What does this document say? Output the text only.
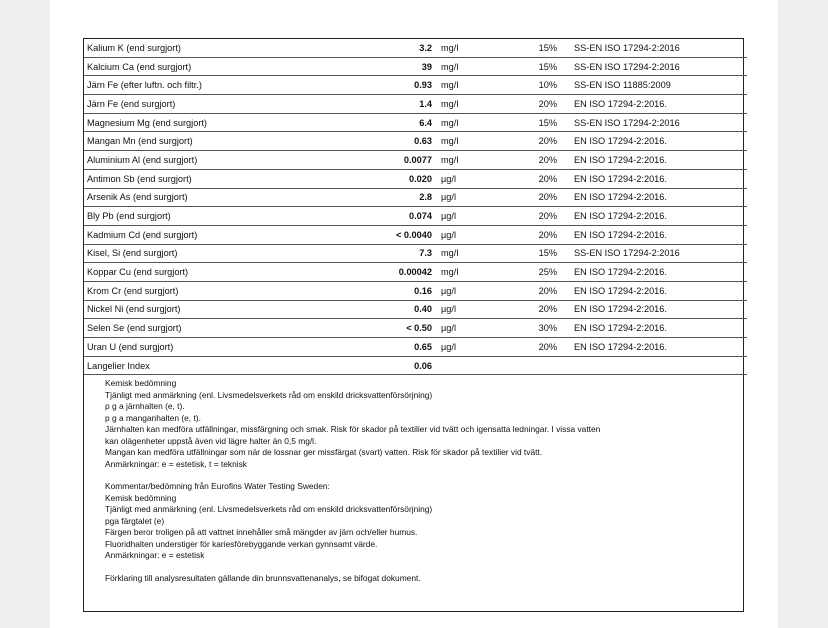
Kalium K (end surgjort)	3.2	mg/l	15%	SS-EN ISO 17294-2:2016	
Kalcium Ca (end surgjort)	39	mg/l	15%	SS-EN ISO 17294-2:2016	
Järn Fe (efter luftn. och filtr.)	0.93	mg/l	10%	SS-EN ISO 11885:2009	
Järn Fe (end surgjort)	1.4	mg/l	20%	EN ISO 17294-2:2016.	
Magnesium Mg (end surgjort)	6.4	mg/l	15%	SS-EN ISO 17294-2:2016	
Mangan Mn (end surgjort)	0.63	mg/l	20%	EN ISO 17294-2:2016.	
Aluminium Al (end surgjort)	0.0077	mg/l	20%	EN ISO 17294-2:2016.	
Antimon Sb (end surgjort)	0.020	µg/l	20%	EN ISO 17294-2:2016.	
Arsenik As (end surgjort)	2.8	µg/l	20%	EN ISO 17294-2:2016.	
Bly Pb (end surgjort)	0.074	µg/l	20%	EN ISO 17294-2:2016.	
Kadmium Cd (end surgjort)	< 0.0040	µg/l	20%	EN ISO 17294-2:2016.	
Kisel, Si (end surgjort)	7.3	mg/l	15%	SS-EN ISO 17294-2:2016	
Koppar Cu (end surgjort)	0.00042	mg/l	25%	EN ISO 17294-2:2016.	
Krom Cr (end surgjort)	0.16	µg/l	20%	EN ISO 17294-2:2016.	
Nickel Ni (end surgjort)	0.40	µg/l	20%	EN ISO 17294-2:2016.	
Selen Se (end surgjort)	< 0.50	µg/l	30%	EN ISO 17294-2:2016.	
Uran U (end surgjort)	0.65	µg/l	20%	EN ISO 17294-2:2016.	
Langelier Index	0.06				
Kemisk bedömning
Tjänligt med anmärkning (enl. Livsmedelsverkets råd om enskild dricksvattenförsörjning)
p g a järnhalten (e, t).
p g a manganhalten (e, t).
Järnhalten kan medföra utfällningar, missfärgning och smak. Risk för skador på textilier vid tvätt och igensatta ledningar. I vissa vatten
kan olägenheter uppstå även vid lägre halter än 0,5 mg/l.
Mangan kan medföra utfällningar som när de lossnar ger missfärgat (svart) vatten. Risk för skador på textilier vid tvätt.
Anmärkningar: e = estetisk, t = teknisk
Kommentar/bedömning från Eurofins Water Testing Sweden:
Kemisk bedömning
Tjänligt med anmärkning (enl. Livsmedelsverkets råd om enskild dricksvattenförsörjning)
pga färgtalet (e)
Färgen beror troligen på att vattnet innehåller små mängder av järn och/eller humus.
Fluoridhalten understiger för kariesförebyggande verkan gynnsamt värde.
Anmärkningar: e = estetisk
Förklaring till analysresultaten gällande din brunnsvattenanalys, se bifogat dokument.
